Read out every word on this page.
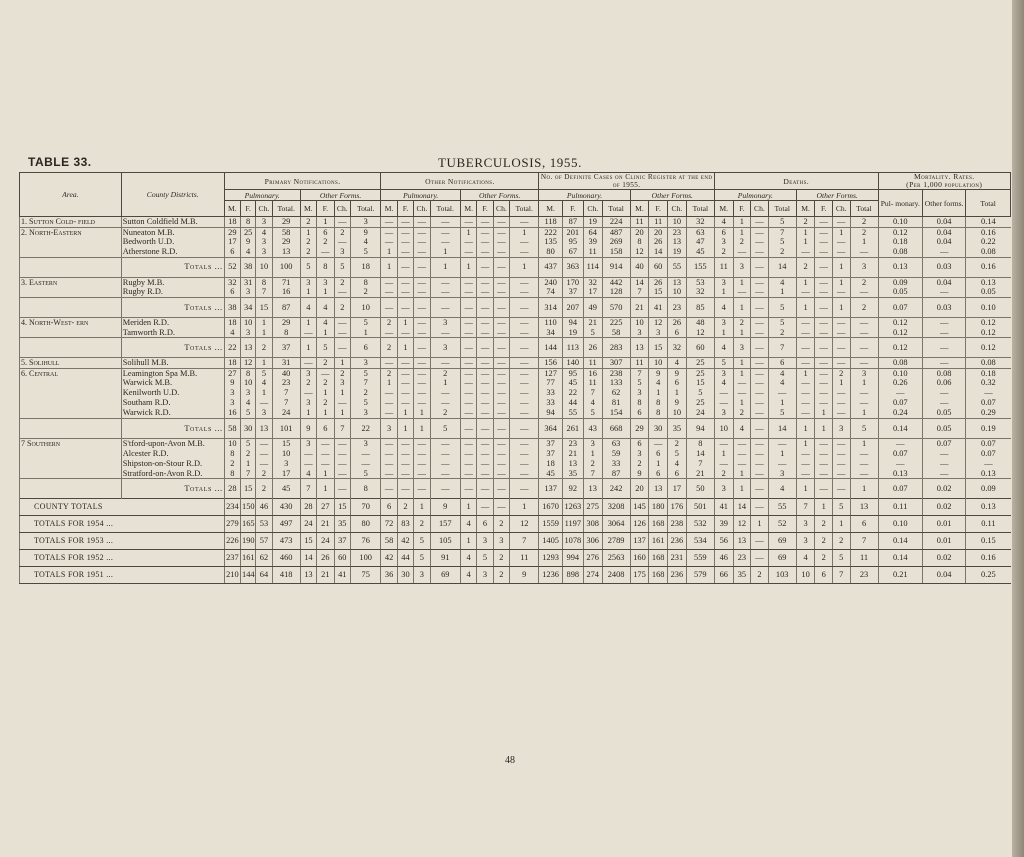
TABLE 33.	TUBERCULOSIS, 1955.
Area.	County Districts.	Primary Notifications.								Other Notifications.								No. of Definite Cases on Clinic Register at the end of 1955.								Deaths.								Mortality. Rates.
(Per 1,000 population)		
		Pulmonary.				Other Forms.				Pulmonary.				Other Forms.				Pulmonary.				Other Forms.				Pulmonary.				Other Forms.				Pul- monary.	Other forms.	Total
		M.	F.	Ch.	Total.	M.	F.	Ch.	Total.	M.	F.	Ch.	Total.	M.	F.	Ch.	Total.	M.	F.	Ch.	Total	M.	F.	Ch.	Total	M.	F.	Ch.	Total	M.	F.	Ch.	Total			
1. Sutton Cold- field	Sutton Coldfield M.B.	18	8	3	29	2	1	—	3	—	—	—	—	—	—	—	—	118	87	19	224	11	11	10	32	4	1	—	5	2	—	—	2	0.10	0.04	0.14
2. North-Eastern	Nuneaton M.B.	29	25	4	58	1	6	2	9	—	—	—	—	1	—	—	1	222	201	64	487	20	20	23	63	6	1	—	7	1	—	1	2	0.12	0.04	0.16
	Bedworth U.D.	17	9	3	29	2	2	—	4	—	—	—	—	—	—	—	—	135	95	39	269	8	26	13	47	3	2	—	5	1	—	—	1	0.18	0.04	0.22
	Atherstone R.D.	6	4	3	13	2	—	3	5	1	—	—	1	—	—	—	—	80	67	11	158	12	14	19	45	2	—	—	2	—	—	—	—	0.08	—	0.08
	Totals ...	52	38	10	100	5	8	5	18	1	—	—	1	1	—	—	1	437	363	114	914	40	60	55	155	11	3	—	14	2	—	1	3	0.13	0.03	0.16
3. Eastern	Rugby M.B.	32	31	8	71	3	3	2	8	—	—	—	—	—	—	—	—	240	170	32	442	14	26	13	53	3	1	—	4	1	—	1	2	0.09	0.04	0.13
	Rugby R.D.	6	3	7	16	1	1	—	2	—	—	—	—	—	—	—	—	74	37	17	128	7	15	10	32	1	—	—	1	—	—	—	—	0.05	—	0.05
	Totals ...	38	34	15	87	4	4	2	10	—	—	—	—	—	—	—	—	314	207	49	570	21	41	23	85	4	1	—	5	1	—	1	2	0.07	0.03	0.10
4. North-West- ern	Meriden R.D.	18	10	1	29	1	4	—	5	2	1	—	3	—	—	—	—	110	94	21	225	10	12	26	48	3	2	—	5	—	—	—	—	0.12	—	0.12
	Tamworth R.D.	4	3	1	8	—	1	—	1	—	—	—	—	—	—	—	—	34	19	5	58	3	3	6	12	1	1	—	2	—	—	—	—	0.12	—	0.12
	Totals ...	22	13	2	37	1	5	—	6	2	1	—	3	—	—	—	—	144	113	26	283	13	15	32	60	4	3	—	7	—	—	—	—	0.12	—	0.12
5. Solihull	Solihull M.B.	18	12	1	31	—	2	1	3	—	—	—	—	—	—	—	—	156	140	11	307	11	10	4	25	5	1	—	6	—	—	—	—	0.08	—	0.08
6. Central	Leamington Spa M.B.	27	8	5	40	3	—	2	5	2	—	—	2	—	—	—	—	127	95	16	238	7	9	9	25	3	1	—	4	1	—	2	3	0.10	0.08	0.18
	Warwick M.B.	9	10	4	23	2	2	3	7	1	—	—	1	—	—	—	—	77	45	11	133	5	4	6	15	4	—	—	4	—	—	1	1	0.26	0.06	0.32
	Kenilworth U.D.	3	3	1	7	—	1	1	2	—	—	—	—	—	—	—	—	33	22	7	62	3	1	1	5	—	—	—	—	—	—	—	—	—	—	—
	Southam R.D.	3	4	—	7	3	2	—	5	—	—	—	—	—	—	—	—	33	44	4	81	8	8	9	25	—	1	—	1	—	—	—	—	0.07	—	0.07
	Warwick R.D.	16	5	3	24	1	1	1	3	—	1	1	2	—	—	—	—	94	55	5	154	6	8	10	24	3	2	—	5	—	1	—	1	0.24	0.05	0.29
	Totals ...	58	30	13	101	9	6	7	22	3	1	1	5	—	—	—	—	364	261	43	668	29	30	35	94	10	4	—	14	1	1	3	5	0.14	0.05	0.19
7 Southern	S'tford-upon-Avon M.B.	10	5	—	15	3	—	—	3	—	—	—	—	—	—	—	—	37	23	3	63	6	—	2	8	—	—	—	—	1	—	—	1	—	0.07	0.07
	Alcester R.D.	8	2	—	10	—	—	—	—	—	—	—	—	—	—	—	—	37	21	1	59	3	6	5	14	1	—	—	1	—	—	—	—	0.07	—	0.07
	Shipston-on-Stour R.D.	2	1	—	3	—	—	—	—	—	—	—	—	—	—	—	—	18	13	2	33	2	1	4	7	—	—	—	—	—	—	—	—	—	—	—
	Stratford-on-Avon R.D.	8	7	2	17	4	1	—	5	—	—	—	—	—	—	—	—	45	35	7	87	9	6	6	21	2	1	—	3	—	—	—	—	0.13	—	0.13
	Totals ...	28	15	2	45	7	1	—	8	—	—	—	—	—	—	—	—	137	92	13	242	20	13	17	50	3	1	—	4	1	—	—	1	0.07	0.02	0.09
COUNTY TOTALS		234	150	46	430	28	27	15	70	6	2	1	9	1	—	—	1	1670	1263	275	3208	145	180	176	501	41	14	—	55	7	1	5	13	0.11	0.02	0.13
TOTALS FOR 1954 ...		279	165	53	497	24	21	35	80	72	83	2	157	4	6	2	12	1559	1197	308	3064	126	168	238	532	39	12	1	52	3	2	1	6	0.10	0.01	0.11
TOTALS FOR 1953 ...		226	190	57	473	15	24	37	76	58	42	5	105	1	3	3	7	1405	1078	306	2789	137	161	236	534	56	13	—	69	3	2	2	7	0.14	0.01	0.15
TOTALS FOR 1952 ...		237	161	62	460	14	26	60	100	42	44	5	91	4	5	2	11	1293	994	276	2563	160	168	231	559	46	23	—	69	4	2	5	11	0.14	0.02	0.16
TOTALS FOR 1951 ...		210	144	64	418	13	21	41	75	36	30	3	69	4	3	2	9	1236	898	274	2408	175	168	236	579	66	35	2	103	10	6	7	23	0.21	0.04	0.25
48
